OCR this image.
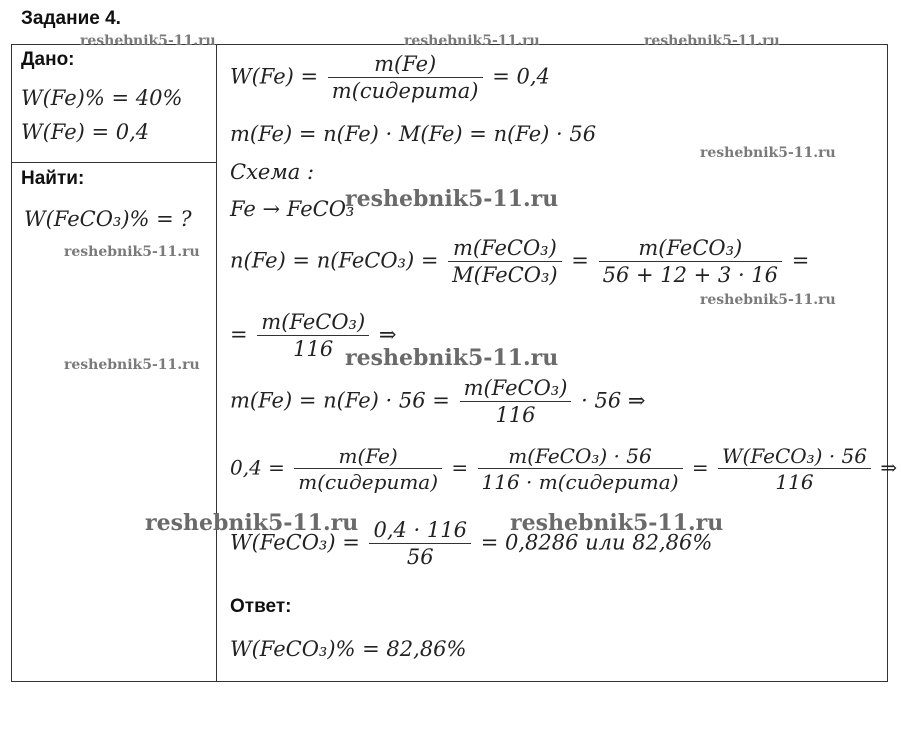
Задание 4.
Дано:
W(Fe)% = 40%
W(Fe) = 0,4
Найти:
W(FeCO₃)% = ?
$W(Fe) = \frac{m(Fe)}{\text{m(сидерита)}} = 0,4$
m(Fe) = n(Fe) · M(Fe) = n(Fe) · 56
Схема :
Fe → FeCO₃
n(Fe) = n(FeCO₃) = $\frac{\text{m(FeCO₃)}}{\text{M(FeCO₃)}} = \frac{\text{m(FeCO₃)}}{56 + 12 + 3 \cdot 16}$ =
= $\frac{\text{m(FeCO₃)}}{116}$ ⇒
$m(Fe) = n(Fe) \cdot 56 = \frac{\text{m(FeCO₃)}}{116} \cdot 56$ ⇒
$0,4 = \frac{m(Fe)}{\text{m(сидерита)}} = \frac{\text{m(FeCO₃) · 56}}{\text{116 · m(сидерита)}} = \frac{\text{W(FeCO₃) · 56}}{116}$ ⇒
W(FeCO₃) = $\frac{0,4 \cdot 116}{56} = 0,8286$ или 82,86%
Ответ:
W(FeCO₃)% = 82,86%
reshebnik5-11.ru	reshebnik5-11.ru	reshebnik5-11.ru
reshebnik5-11.ru
reshebnik5-11.ru
reshebnik5-11.ru
reshebnik5-11.ru
reshebnik5-11.ru	reshebnik5-11.ru
reshebnik5-11.ru	reshebnik5-11.ru
